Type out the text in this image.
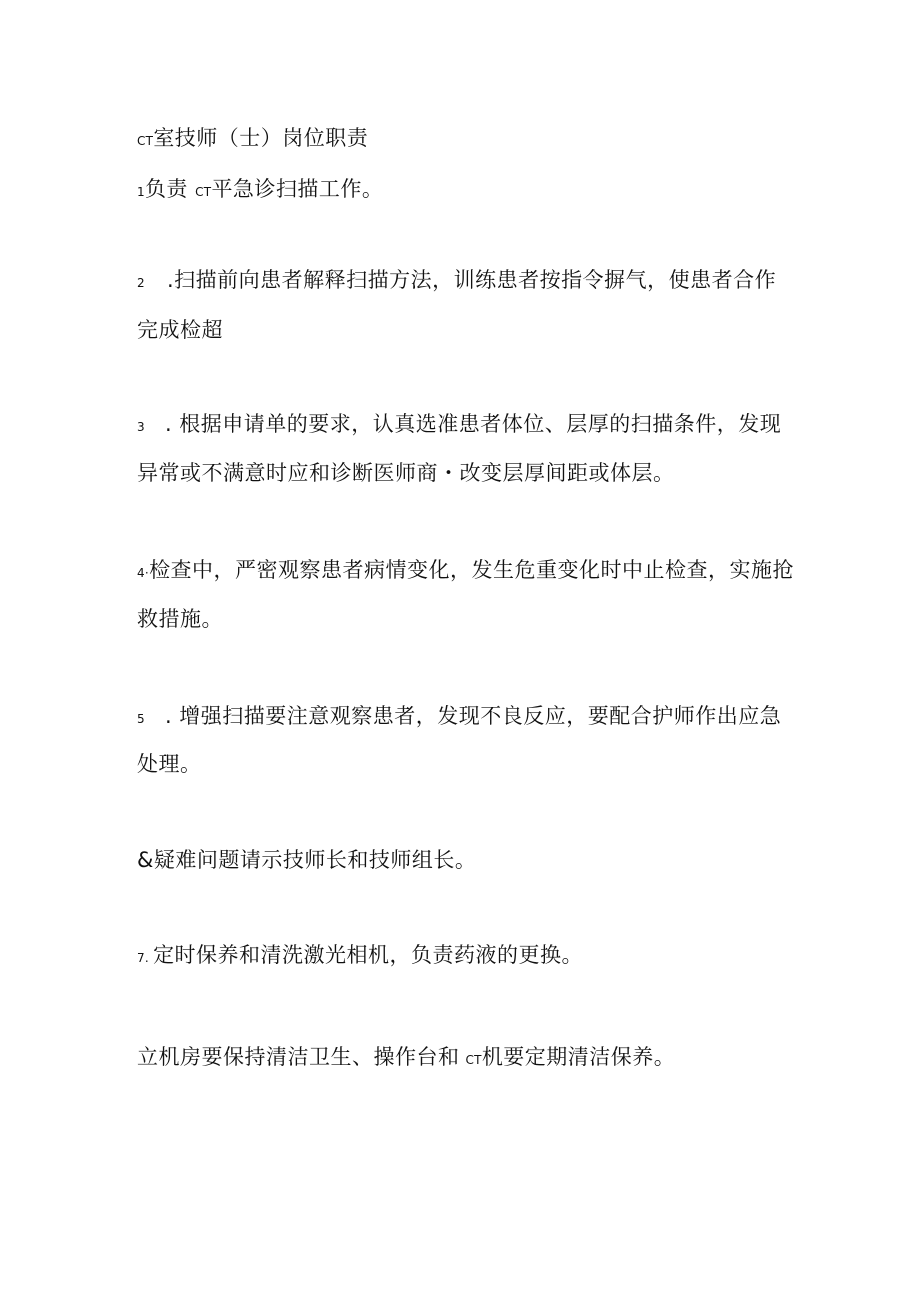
CT室技师（士）岗位职责
1负责 CT平急诊扫描工作。
2 .扫描前向患者解释扫描方法，训练患者按指令摒气，使患者合作
完成检超
3 . 根据申请单的要求，认真选准患者体位、层厚的扫描条件，发现
异常或不满意时应和诊断医师商・改变层厚间距或体层。
4·检查中，严密观察患者病情变化，发生危重变化时中止检查，实施抢
救措施。
5 . 增强扫描要注意观察患者，发现不良反应，要配合护师作出应急
处理。
&疑难问题请示技师长和技师组长。
7. 定时保养和清洗激光相机，负责药液的更换。
立机房要保持清洁卫生、操作台和 CT机要定期清洁保养。
